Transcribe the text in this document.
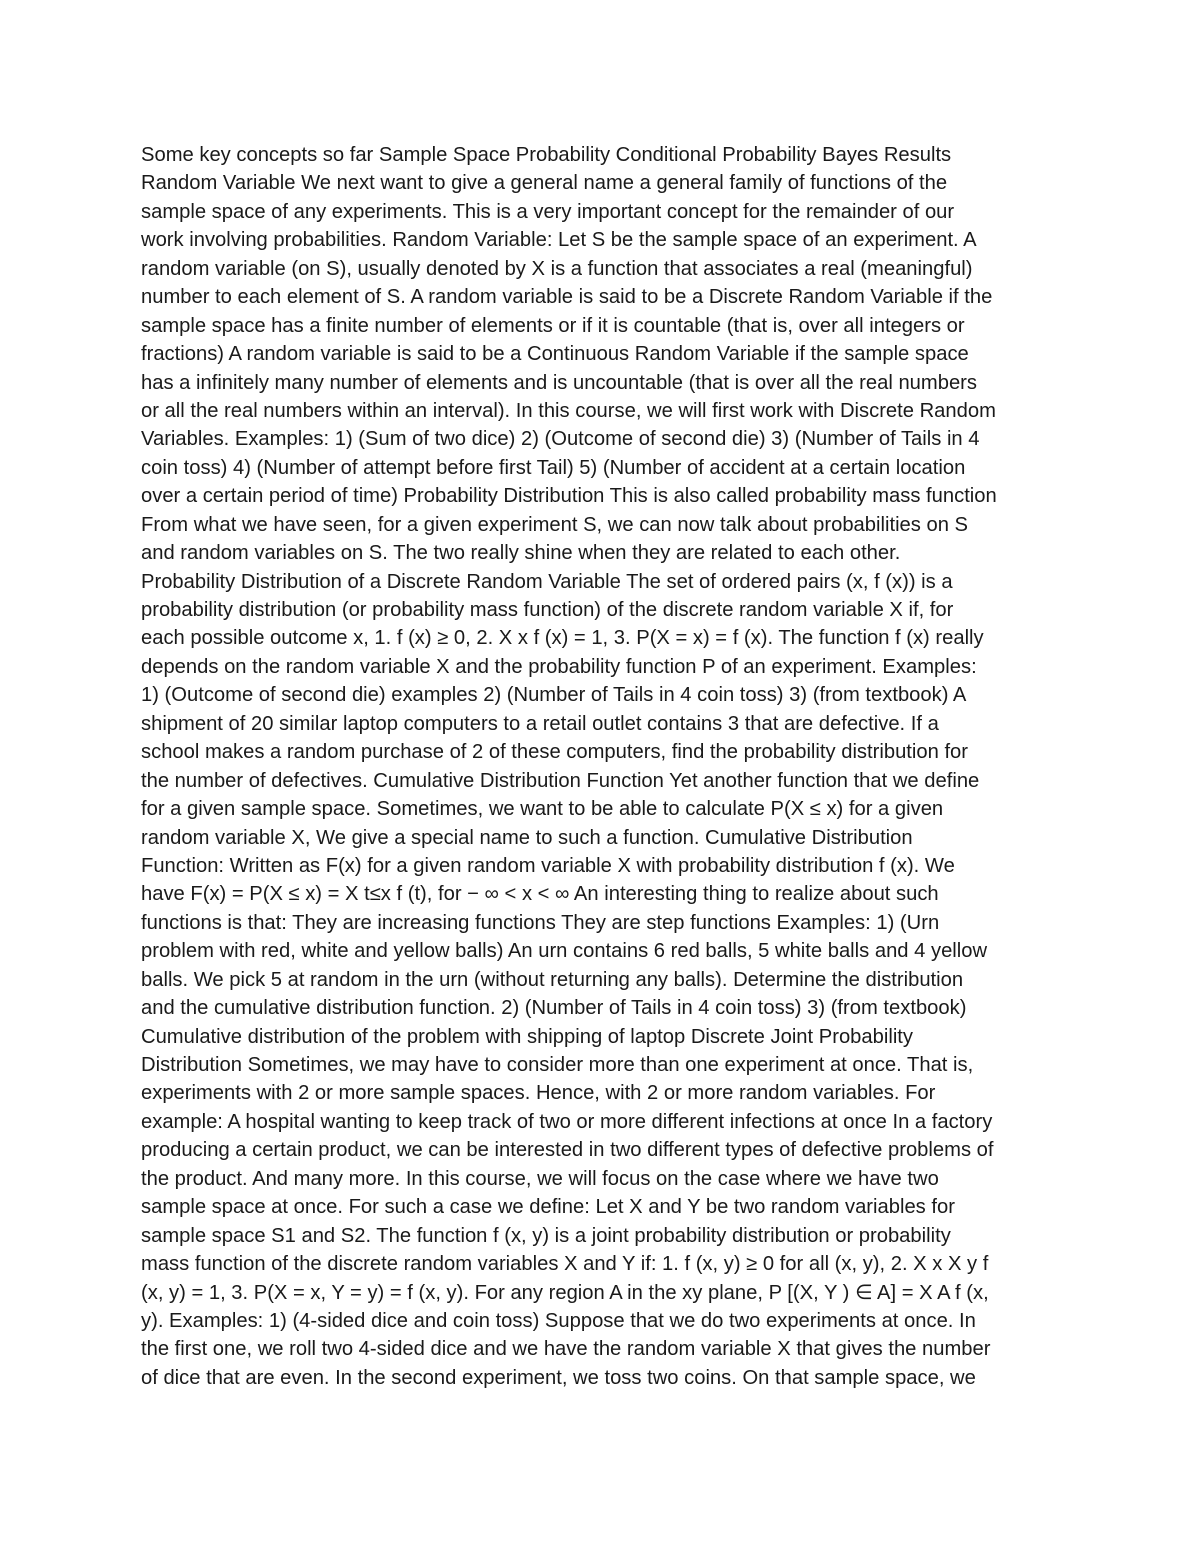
Some key concepts so far Sample Space Probability Conditional Probability Bayes Results
Random Variable We next want to give a general name a general family of functions of the
sample space of any experiments. This is a very important concept for the remainder of our
work involving probabilities. Random Variable: Let S be the sample space of an experiment. A
random variable (on S), usually denoted by X is a function that associates a real (meaningful)
number to each element of S. A random variable is said to be a Discrete Random Variable if the
sample space has a finite number of elements or if it is countable (that is, over all integers or
fractions) A random variable is said to be a Continuous Random Variable if the sample space
has a infinitely many number of elements and is uncountable (that is over all the real numbers
or all the real numbers within an interval). In this course, we will first work with Discrete Random
Variables. Examples: 1) (Sum of two dice) 2) (Outcome of second die) 3) (Number of Tails in 4
coin toss) 4) (Number of attempt before first Tail) 5) (Number of accident at a certain location
over a certain period of time) Probability Distribution This is also called probability mass function
From what we have seen, for a given experiment S, we can now talk about probabilities on S
and random variables on S. The two really shine when they are related to each other.
Probability Distribution of a Discrete Random Variable The set of ordered pairs (x, f (x)) is a
probability distribution (or probability mass function) of the discrete random variable X if, for
each possible outcome x, 1. f (x) ≥ 0, 2. X x f (x) = 1, 3. P(X = x) = f (x). The function f (x) really
depends on the random variable X and the probability function P of an experiment. Examples:
1) (Outcome of second die) examples 2) (Number of Tails in 4 coin toss) 3) (from textbook) A
shipment of 20 similar laptop computers to a retail outlet contains 3 that are defective. If a
school makes a random purchase of 2 of these computers, find the probability distribution for
the number of defectives. Cumulative Distribution Function Yet another function that we define
for a given sample space. Sometimes, we want to be able to calculate P(X ≤ x) for a given
random variable X, We give a special name to such a function. Cumulative Distribution
Function: Written as F(x) for a given random variable X with probability distribution f (x). We
have F(x) = P(X ≤ x) = X t≤x f (t), for − ∞ < x < ∞ An interesting thing to realize about such
functions is that: They are increasing functions They are step functions Examples: 1) (Urn
problem with red, white and yellow balls) An urn contains 6 red balls, 5 white balls and 4 yellow
balls. We pick 5 at random in the urn (without returning any balls). Determine the distribution
and the cumulative distribution function. 2) (Number of Tails in 4 coin toss) 3) (from textbook)
Cumulative distribution of the problem with shipping of laptop Discrete Joint Probability
Distribution Sometimes, we may have to consider more than one experiment at once. That is,
experiments with 2 or more sample spaces. Hence, with 2 or more random variables. For
example: A hospital wanting to keep track of two or more different infections at once In a factory
producing a certain product, we can be interested in two different types of defective problems of
the product. And many more. In this course, we will focus on the case where we have two
sample space at once. For such a case we define: Let X and Y be two random variables for
sample space S1 and S2. The function f (x, y) is a joint probability distribution or probability
mass function of the discrete random variables X and Y if: 1. f (x, y) ≥ 0 for all (x, y), 2. X x X y f
(x, y) = 1, 3. P(X = x, Y = y) = f (x, y). For any region A in the xy plane, P [(X, Y ) ∈ A] = X A f (x,
y). Examples: 1) (4-sided dice and coin toss) Suppose that we do two experiments at once. In
the first one, we roll two 4-sided dice and we have the random variable X that gives the number
of dice that are even. In the second experiment, we toss two coins. On that sample space, we
